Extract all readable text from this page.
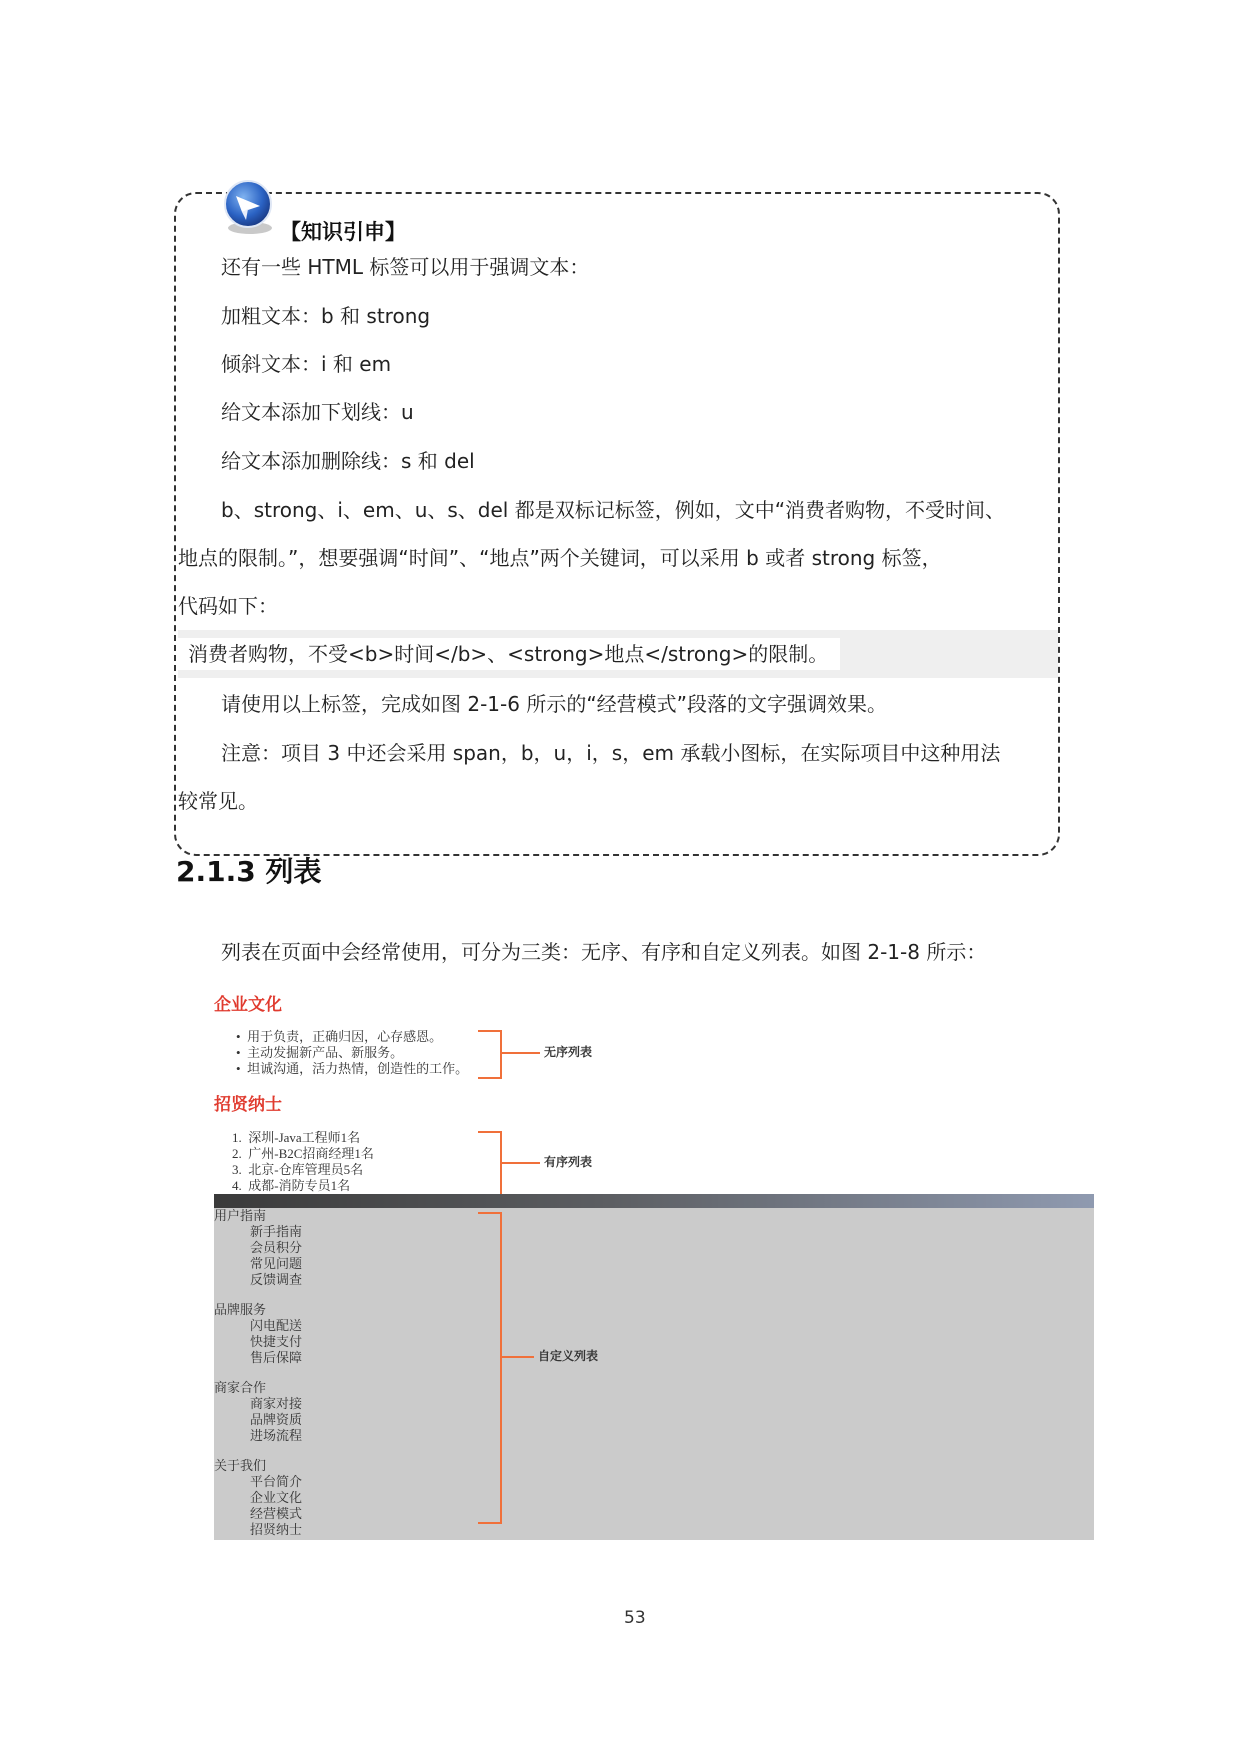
【知识引申】
还有一些 HTML 标签可以用于强调文本：
加粗文本：b 和 strong
倾斜文本：i 和 em
给文本添加下划线：u
给文本添加删除线：s 和 del
b、strong、i、em、u、s、del 都是双标记标签，例如，文中“消费者购物，不受时间、
地点的限制。”，想要强调“时间”、“地点”两个关键词，可以采用 b 或者 strong 标签，
代码如下：
消费者购物，不受<b>时间</b>、<strong>地点</strong>的限制。
请使用以上标签，完成如图 2-1-6 所示的“经营模式”段落的文字强调效果。
注意：项目 3 中还会采用 span，b，u，i，s，em 承载小图标，在实际项目中这种用法
较常见。
2.1.3 列表
列表在页面中会经常使用，可分为三类：无序、有序和自定义列表。如图 2-1-8 所示：
企业文化
•  用于负责，正确归因，心存感恩。
•  主动发掘新产品、新服务。
•  坦诚沟通，活力热情，创造性的工作。
无序列表
招贤纳士
1.  深圳-Java工程师1名
2.  广州-B2C招商经理1名
3.  北京-仓库管理员5名
4.  成都-消防专员1名
有序列表
用户指南
新手指南
会员积分
常见问题
反馈调查
品牌服务
闪电配送
快捷支付
售后保障
商家合作
商家对接
品牌资质
进场流程
关于我们
平台简介
企业文化
经营模式
招贤纳士
自定义列表
53
